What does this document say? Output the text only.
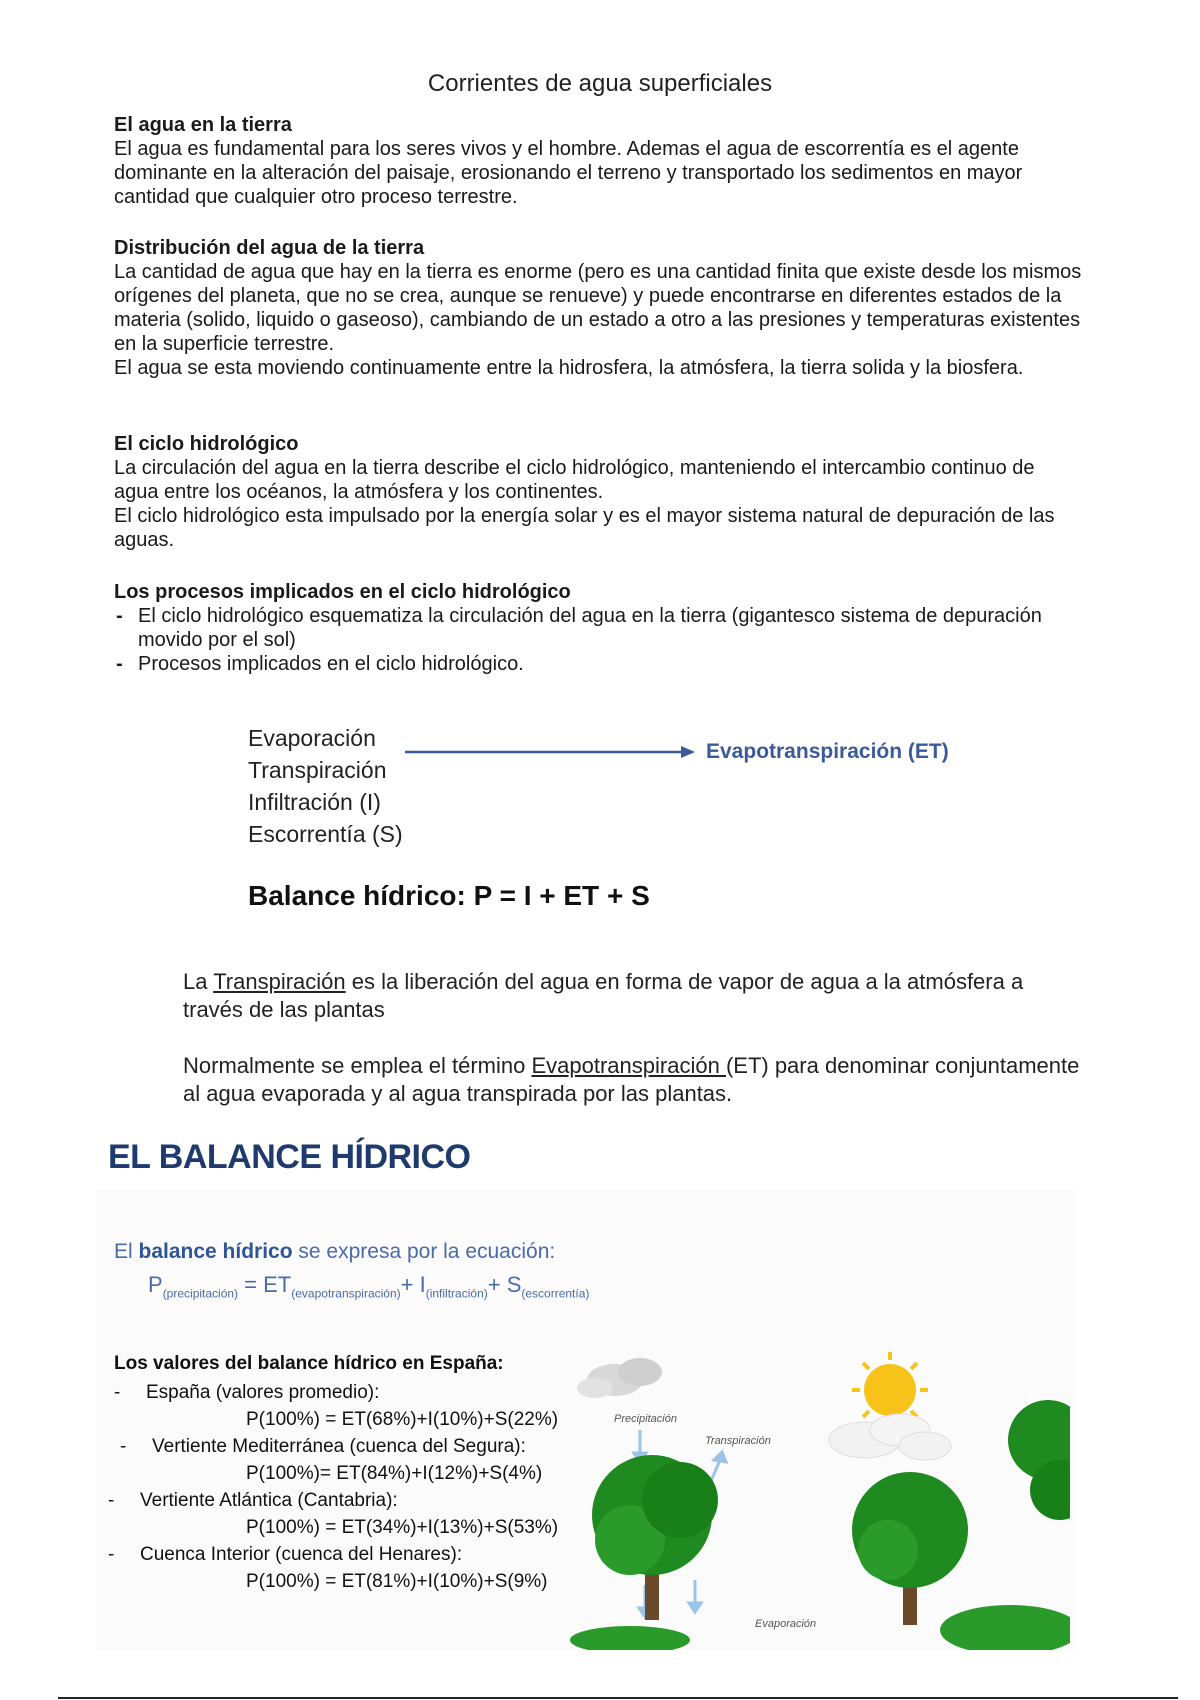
Corrientes de agua superficiales
El agua en la tierra

El agua es fundamental para los seres vivos y el hombre. Ademas el agua de escorrentía es el agente dominante en la alteración del paisaje, erosionando el terreno y transportado los sedimentos en mayor cantidad que cualquier otro proceso terrestre.

Distribución del agua de la tierra

La cantidad de agua que hay en la tierra es enorme (pero es una cantidad finita que existe desde los mismos orígenes del planeta, que no se crea, aunque se renueve) y puede encontrarse en diferentes estados de la materia (solido, liquido o gaseoso), cambiando de un estado a otro a las presiones y temperaturas existentes en la superficie terrestre.

El agua se esta moviendo continuamente entre la hidrosfera, la atmósfera, la tierra solida y la biosfera.

El ciclo hidrológico

La circulación del agua en la tierra describe el ciclo hidrológico, manteniendo el intercambio continuo de agua entre los océanos, la atmósfera y los continentes.

El ciclo hidrológico esta impulsado por la energía solar y es el mayor sistema natural de depuración de las aguas.

Los procesos implicados en el ciclo hidrológico
- El ciclo hidrológico esquematiza la circulación del agua en la tierra (gigantesco sistema de depuración movido por el sol)
- Procesos implicados en el ciclo hidrológico.
Evaporación
Transpiración
Infiltración (I)
Escorrentía (S)
Evapotranspiración (ET)
Balance hídrico: P = I + ET + S
La Transpiración es la liberación del agua en forma de vapor de agua a la atmósfera a través de las plantas
Normalmente se emplea el término Evapotranspiración (ET) para denominar conjuntamente al agua evaporada y al agua transpirada por las plantas.
EL BALANCE HÍDRICO
El balance hídrico se expresa por la ecuación:
$P_{(precipitación)} = ET_{(evapotranspiración)}+ I_{(infiltración)}+ S_{(escorrentía)}$
Los valores del balance hídrico en España:
- España (valores promedio):
P(100%) = ET(68%)+I(10%)+S(22%)
- Vertiente Mediterránea (cuenca del Segura):
P(100%)= ET(84%)+I(12%)+S(4%)
- Vertiente Atlántica (Cantabria):
P(100%) = ET(34%)+I(13%)+S(53%)
- Cuenca Interior (cuenca del Henares):
P(100%) = ET(81%)+I(10%)+S(9%)
Precipitación
Transpiración
Evaporación
